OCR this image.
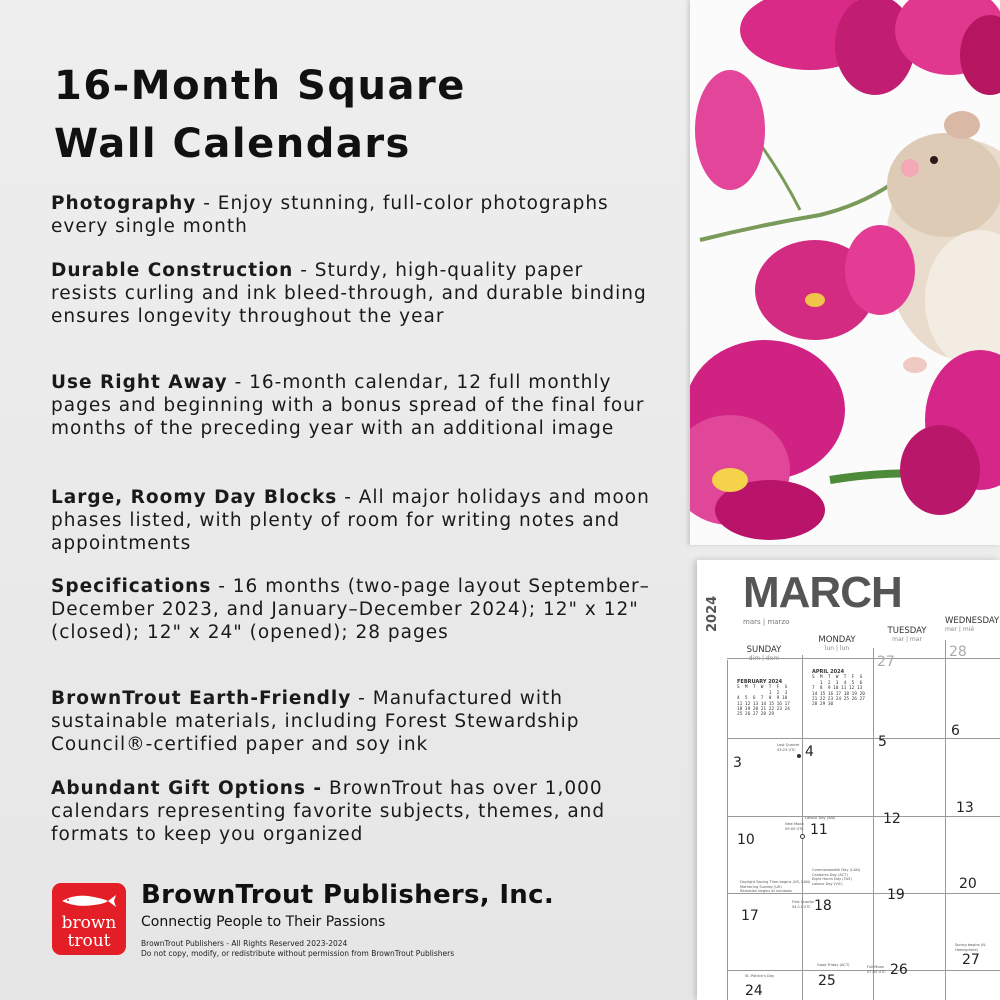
16-Month Square
Wall Calendars
Photography - Enjoy stunning, full-color photographs every single month
Durable Construction - Sturdy, high-quality paper resists curling and ink bleed-through, and durable binding ensures longevity throughout the year
Use Right Away - 16-month calendar, 12 full monthly pages and beginning with a bonus spread of the final four months of the preceding year with an additional image
Large, Roomy Day Blocks - All major holidays and moon phases listed, with plenty of room for writing notes and appointments
Specifications - 16 months (two-page layout September–December 2023, and January–December 2024); 12" x 12" (closed); 12" x 24" (opened); 28 pages
BrownTrout Earth-Friendly - Manufactured with sustainable materials, including Forest Stewardship Council®-certified paper and soy ink
Abundant Gift Options - BrownTrout has over 1,000 calendars representing favorite subjects, themes, and formats to keep you organized
brown
trout
BrownTrout Publishers, Inc.
Connectig People to Their Passions
BrownTrout Publishers - All Rights Reserved 2023-2024
Do not copy, modify, or redistribute without permission from BrownTrout Publishers
2024 MARCH
mars | marzo
SUNDAY
MONDAY
lun | lun
TUESDAY
mar | mar
WEDNESDAY
mer | mié
FEBRUARY 2024
S  M  T  W  T  F  S
1  2  3
4  5  6  7  8  9 10
11 12 13 14 15 16 17
18 19 20 21 22 23 24
25 26 27 28 29
APRIL 2024
S  M  T  W  T  F  S
1  2  3  4  5  6
7  8  9 10 11 12 13
14 15 16 17 18 19 20
21 22 23 24 25 26 27
28 29 30
27
28
3
4
5
6
10
11
12
13
17
18
19
20
24
25
26
27
Last Quarter
03:23 UTC
Labour Day (WA)
New Moon
09:00 UTC
Daylight Saving Time begins (US, CAN)
Mothering Sunday (UK)
Ramadan begins at sundown
Commonwealth Day (CAN)
Canberra Day (ACT)
Eight Hours Day (TAS)
Labour Day (VIC)
First Quarter
04:11 UTC
Spring begins (N. Hemisphere)
St. Patrick's Day
Good Friday (ACT)	Full Moon
07:00 UTC
